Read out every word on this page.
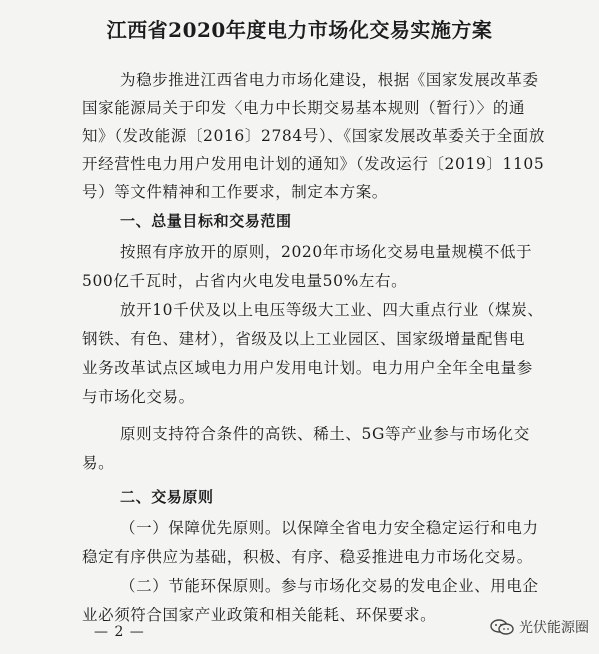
江西省2020年度电力市场化交易实施方案
为稳步推进江西省电力市场化建设，根据《国家发展改革委
国家能源局关于印发〈电力中长期交易基本规则（暂行）〉的通
知》（发改能源〔2016〕2784号）、《国家发展改革委关于全面放
开经营性电力用户发用电计划的通知》（发改运行〔2019〕1105
号）等文件精神和工作要求，制定本方案。
一、总量目标和交易范围
按照有序放开的原则，2020年市场化交易电量规模不低于
500亿千瓦时，占省内火电发电量50%左右。
放开10千伏及以上电压等级大工业、四大重点行业（煤炭、
钢铁、有色、建材），省级及以上工业园区、国家级增量配售电
业务改革试点区域电力用户发用电计划。电力用户全年全电量参
与市场化交易。
原则支持符合条件的高铁、稀土、5G等产业参与市场化交
易。
二、交易原则
（一）保障优先原则。以保障全省电力安全稳定运行和电力
稳定有序供应为基础，积极、有序、稳妥推进电力市场化交易。
（二）节能环保原则。参与市场化交易的发电企业、用电企
业必须符合国家产业政策和相关能耗、环保要求。
— 2 —	光伏能源圈
